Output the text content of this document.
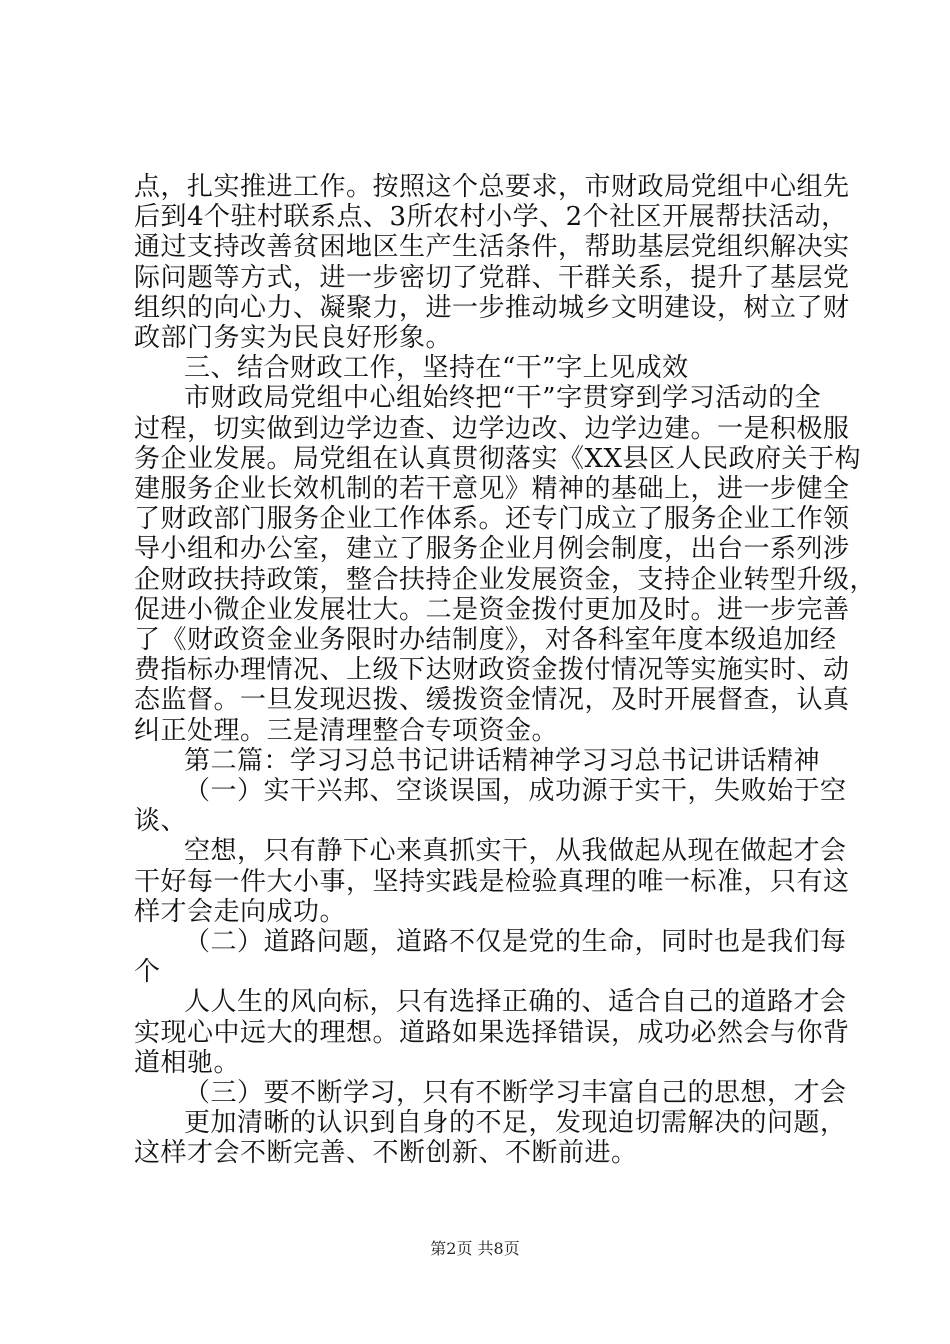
点，扎实推进工作。按照这个总要求，市财政局党组中心组先
后到4个驻村联系点、3所农村小学、2个社区开展帮扶活动，
通过支持改善贫困地区生产生活条件，帮助基层党组织解决实
际问题等方式，进一步密切了党群、干群关系，提升了基层党
组织的向心力、凝聚力，进一步推动城乡文明建设，树立了财
政部门务实为民良好形象。
三、结合财政工作，坚持在“干”字上见成效
市财政局党组中心组始终把“干”字贯穿到学习活动的全
过程，切实做到边学边查、边学边改、边学边建。一是积极服
务企业发展。局党组在认真贯彻落实《XX县区人民政府关于构
建服务企业长效机制的若干意见》精神的基础上，进一步健全
了财政部门服务企业工作体系。还专门成立了服务企业工作领
导小组和办公室，建立了服务企业月例会制度，出台一系列涉
企财政扶持政策，整合扶持企业发展资金，支持企业转型升级，
促进小微企业发展壮大。二是资金拨付更加及时。进一步完善
了《财政资金业务限时办结制度》，对各科室年度本级追加经
费指标办理情况、上级下达财政资金拨付情况等实施实时、动
态监督。一旦发现迟拨、缓拨资金情况，及时开展督查，认真
纠正处理。三是清理整合专项资金。
第二篇：学习习总书记讲话精神学习习总书记讲话精神
（一）实干兴邦、空谈误国，成功源于实干，失败始于空
谈、
空想，只有静下心来真抓实干，从我做起从现在做起才会
干好每一件大小事，坚持实践是检验真理的唯一标准，只有这
样才会走向成功。
（二）道路问题，道路不仅是党的生命，同时也是我们每
个
人人生的风向标，只有选择正确的、适合自己的道路才会
实现心中远大的理想。道路如果选择错误，成功必然会与你背
道相驰。
（三）要不断学习，只有不断学习丰富自己的思想，才会
更加清晰的认识到自身的不足，发现迫切需解决的问题，
这样才会不断完善、不断创新、不断前进。
第2页 共8页
